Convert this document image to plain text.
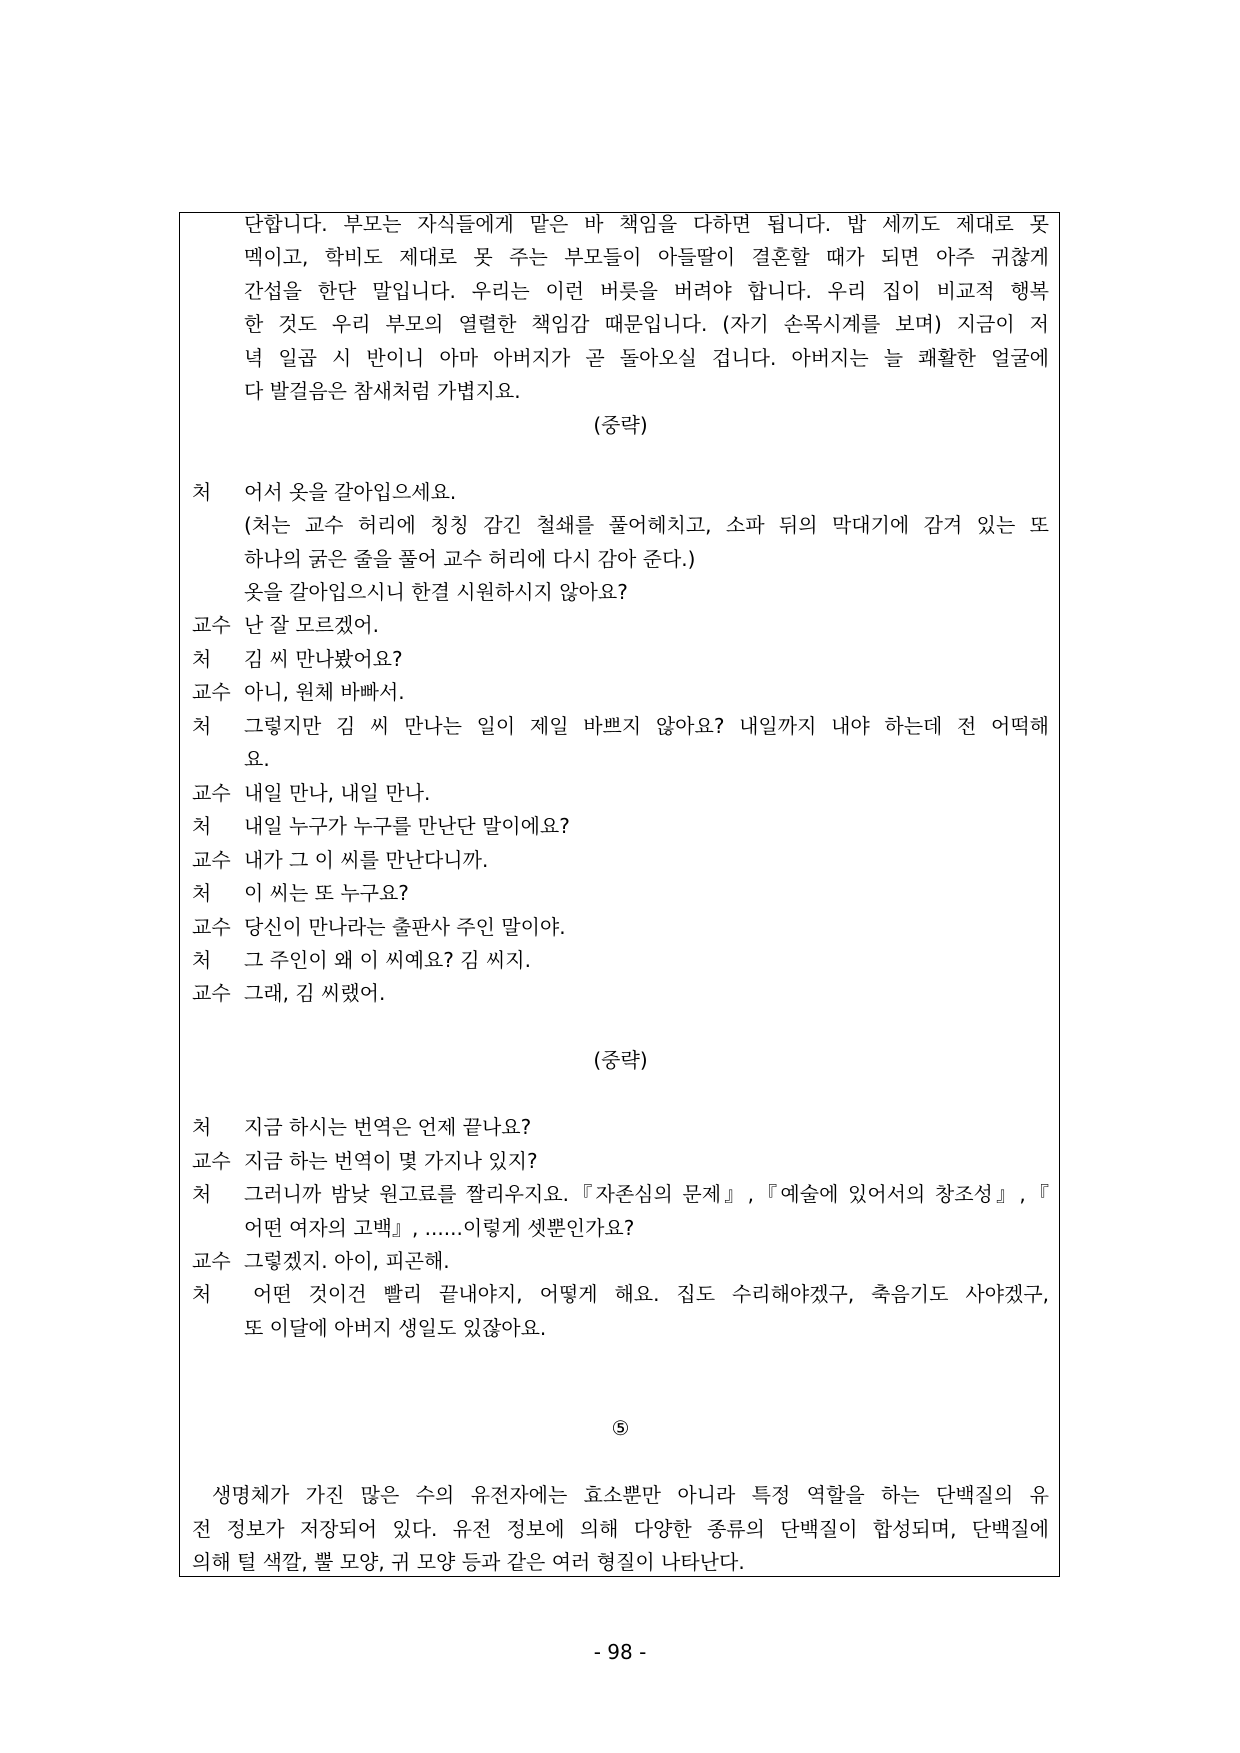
단합니다. 부모는 자식들에게 맡은 바 책임을 다하면 됩니다. 밥 세끼도 제대로 못
멕이고, 학비도 제대로 못 주는 부모들이 아들딸이 결혼할 때가 되면 아주 귀찮게
간섭을 한단 말입니다. 우리는 이런 버릇을 버려야 합니다. 우리 집이 비교적 행복
한 것도 우리 부모의 열렬한 책임감 때문입니다. (자기 손목시계를 보며) 지금이 저
녁 일곱 시 반이니 아마 아버지가 곧 돌아오실 겁니다. 아버지는 늘 쾌활한 얼굴에
다 발걸음은 참새처럼 가볍지요.
(중략)
처	어서 옷을 갈아입으세요.
(처는 교수 허리에 칭칭 감긴 철쇄를 풀어헤치고, 소파 뒤의 막대기에 감겨 있는 또
하나의 굵은 줄을 풀어 교수 허리에 다시 감아 준다.)
옷을 갈아입으시니 한결 시원하시지 않아요?
교수 난 잘 모르겠어.
처	김 씨 만나봤어요?
교수 아니, 원체 바빠서.
처	그렇지만 김 씨 만나는 일이 제일 바쁘지 않아요? 내일까지 내야 하는데 전 어떡해
요.
교수 내일 만나, 내일 만나.
처	내일 누구가 누구를 만난단 말이에요?
교수 내가 그 이 씨를 만난다니까.
처	이 씨는 또 누구요?
교수 당신이 만나라는 출판사 주인 말이야.
처	그 주인이 왜 이 씨예요? 김 씨지.
교수 그래, 김 씨랬어.
(중략)
처	지금 하시는 번역은 언제 끝나요?
교수 지금 하는 번역이 몇 가지나 있지?
처	그러니까 밤낮 원고료를 짤리우지요.『자존심의 문제』,『예술에 있어서의 창조성』,『
어떤 여자의 고백』, ......이렇게 셋뿐인가요?
교수 그렇겠지. 아이, 피곤해.
처	어떤 것이건 빨리 끝내야지, 어떻게 해요. 집도 수리해야겠구, 축음기도 사야겠구,
또 이달에 아버지 생일도 있잖아요.
⑤
생명체가 가진 많은 수의 유전자에는 효소뿐만 아니라 특정 역할을 하는 단백질의 유
전 정보가 저장되어 있다. 유전 정보에 의해 다양한 종류의 단백질이 합성되며, 단백질에
의해 털 색깔, 뿔 모양, 귀 모양 등과 같은 여러 형질이 나타난다.
- 98 -
